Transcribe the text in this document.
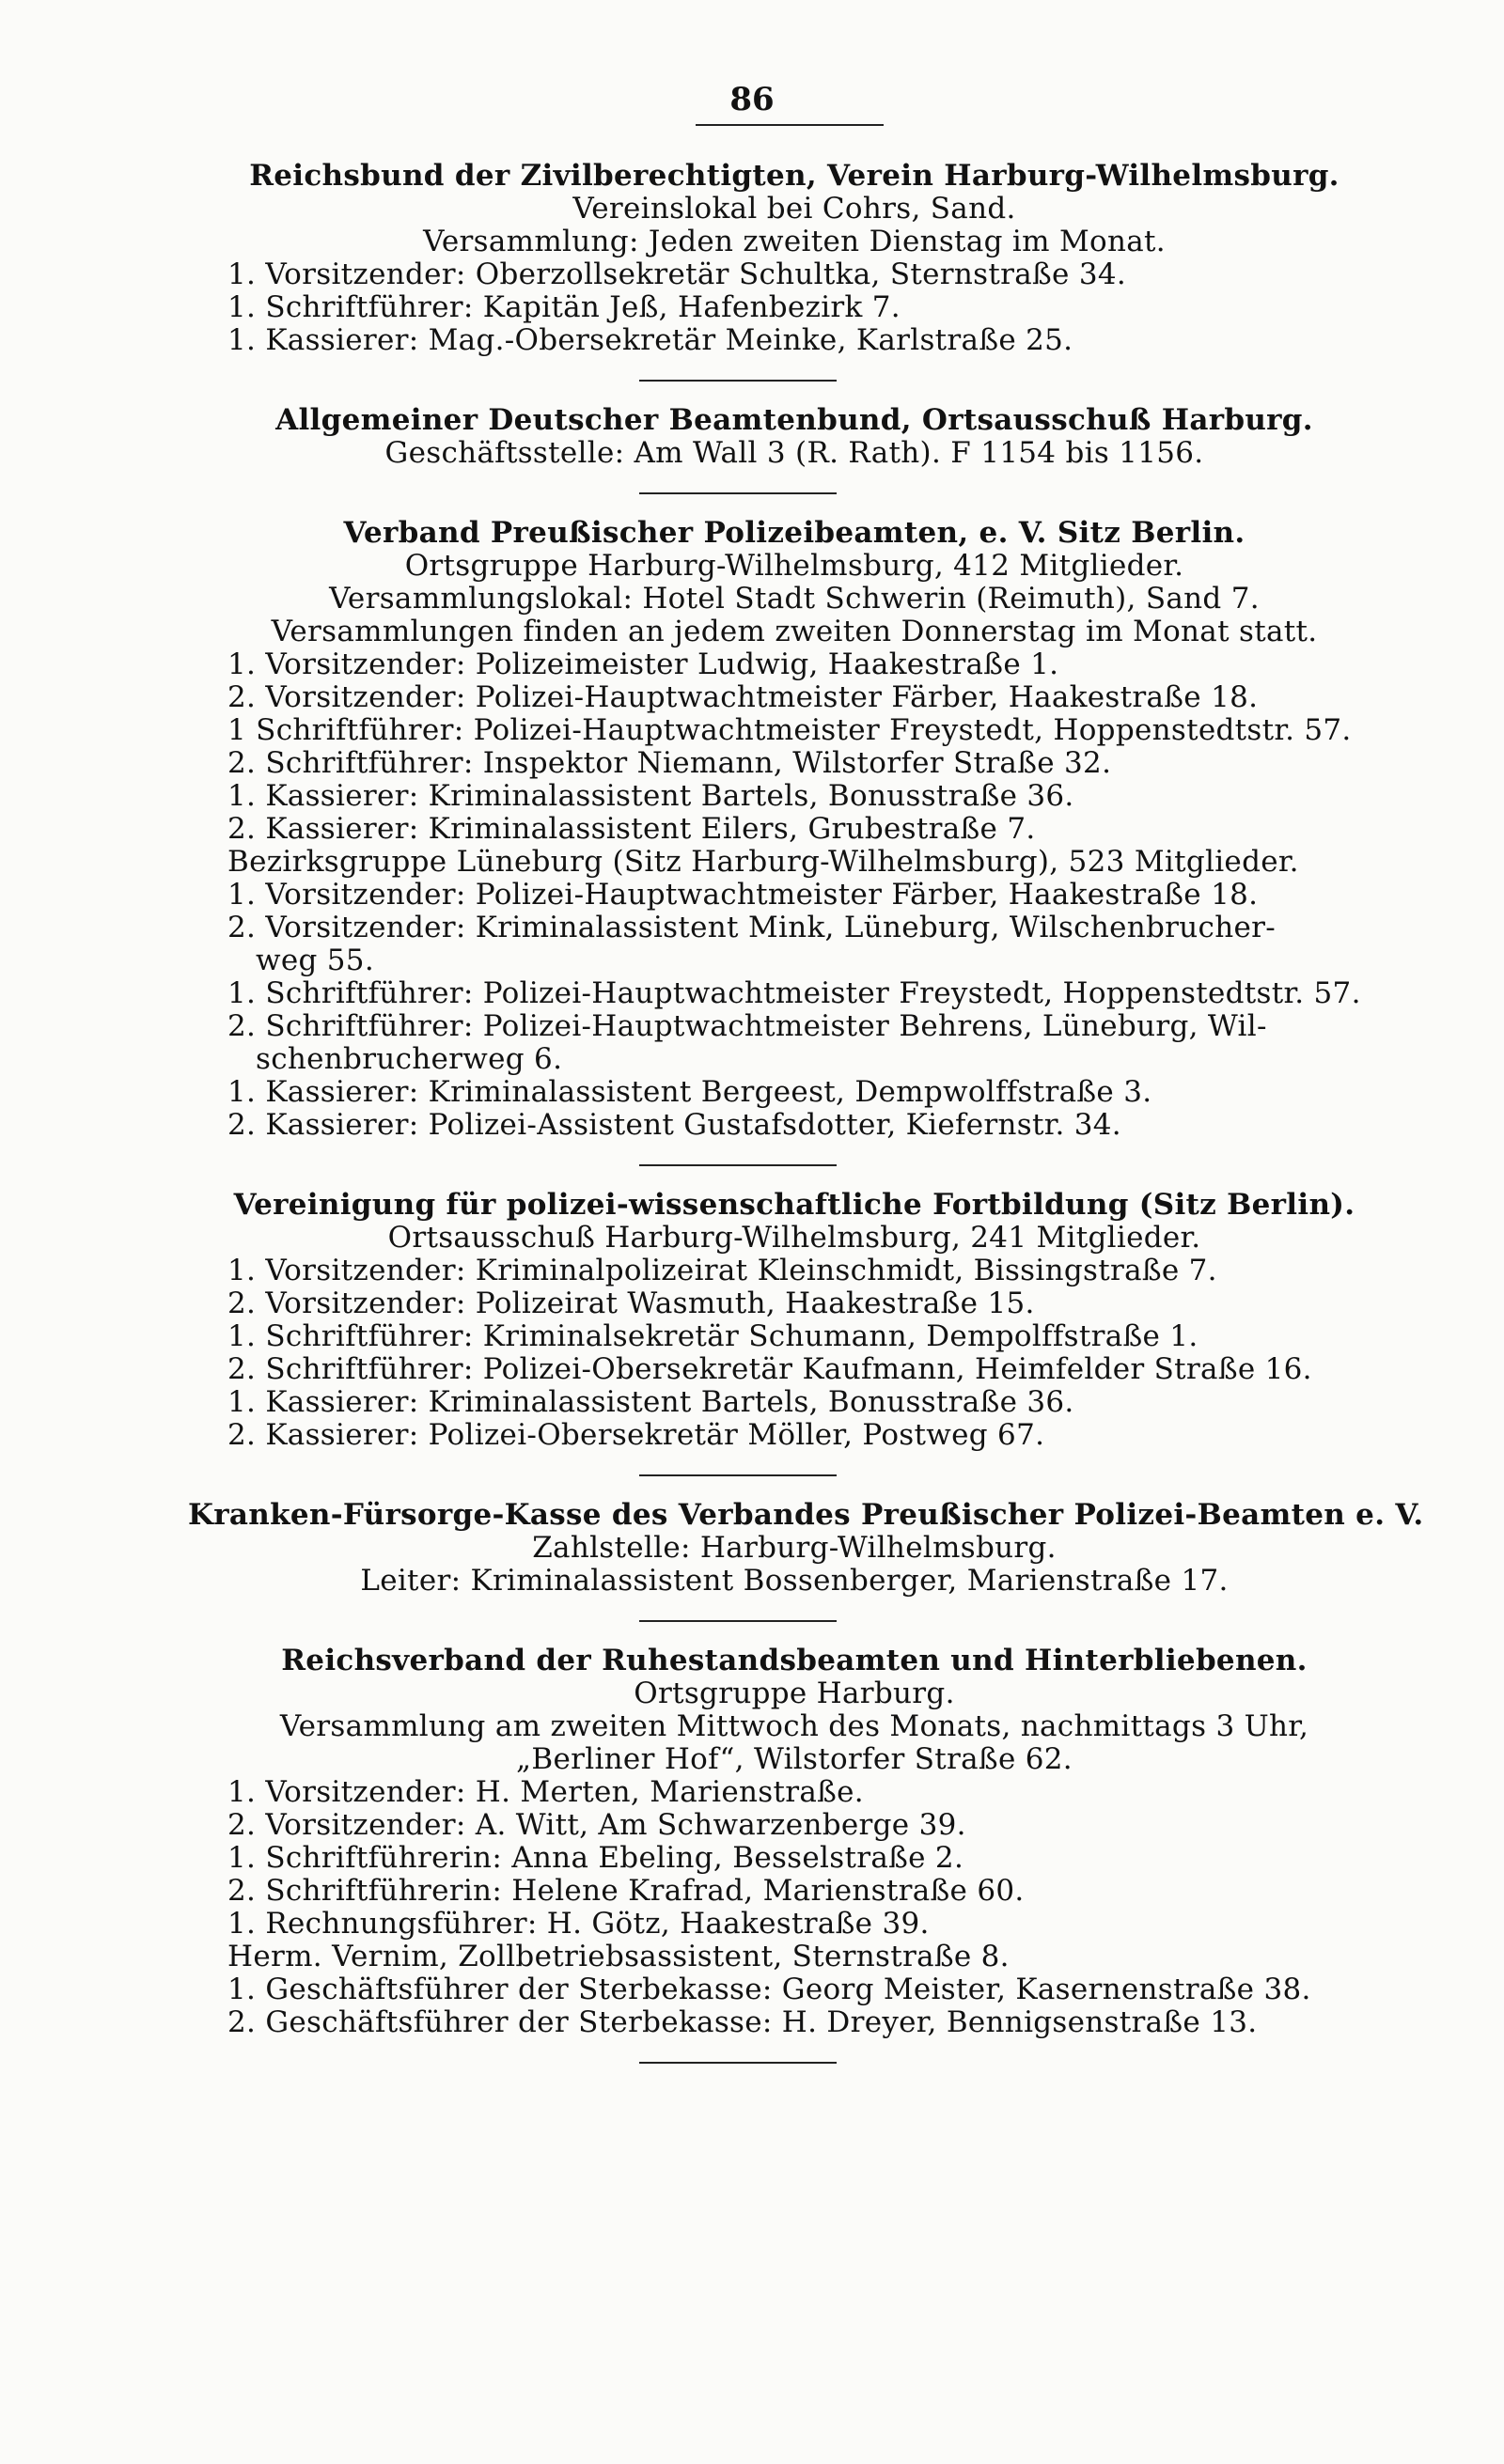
86
Reichsbund der Zivilberechtigten, Verein Harburg-Wilhelmsburg.
Vereinslokal bei Cohrs, Sand.
Versammlung: Jeden zweiten Dienstag im Monat.
1. Vorsitzender: Oberzollsekretär Schultka, Sternstraße 34.
1. Schriftführer: Kapitän Jeß, Hafenbezirk 7.
1. Kassierer: Mag.-Obersekretär Meinke, Karlstraße 25.
Allgemeiner Deutscher Beamtenbund, Ortsausschuß Harburg.
Geschäftsstelle: Am Wall 3 (R. Rath). F 1154 bis 1156.
Verband Preußischer Polizeibeamten, e. V. Sitz Berlin.
Ortsgruppe Harburg-Wilhelmsburg, 412 Mitglieder.
Versammlungslokal: Hotel Stadt Schwerin (Reimuth), Sand 7.
Versammlungen finden an jedem zweiten Donnerstag im Monat statt.
1. Vorsitzender: Polizeimeister Ludwig, Haakestraße 1.
2. Vorsitzender: Polizei-Hauptwachtmeister Färber, Haakestraße 18.
1 Schriftführer: Polizei-Hauptwachtmeister Freystedt, Hoppenstedtstr. 57.
2. Schriftführer: Inspektor Niemann, Wilstorfer Straße 32.
1. Kassierer: Kriminalassistent Bartels, Bonusstraße 36.
2. Kassierer: Kriminalassistent Eilers, Grubestraße 7.
Bezirksgruppe Lüneburg (Sitz Harburg-Wilhelmsburg), 523 Mitglieder.
1. Vorsitzender: Polizei-Hauptwachtmeister Färber, Haakestraße 18.
2. Vorsitzender: Kriminalassistent Mink, Lüneburg, Wilschenbrucher-
weg 55.
1. Schriftführer: Polizei-Hauptwachtmeister Freystedt, Hoppenstedtstr. 57.
2. Schriftführer: Polizei-Hauptwachtmeister Behrens, Lüneburg, Wil-
schenbrucherweg 6.
1. Kassierer: Kriminalassistent Bergeest, Dempwolffstraße 3.
2. Kassierer: Polizei-Assistent Gustafsdotter, Kiefernstr. 34.
Vereinigung für polizei-wissenschaftliche Fortbildung (Sitz Berlin).
Ortsausschuß Harburg-Wilhelmsburg, 241 Mitglieder.
1. Vorsitzender: Kriminalpolizeirat Kleinschmidt, Bissingstraße 7.
2. Vorsitzender: Polizeirat Wasmuth, Haakestraße 15.
1. Schriftführer: Kriminalsekretär Schumann, Dempolffstraße 1.
2. Schriftführer: Polizei-Obersekretär Kaufmann, Heimfelder Straße 16.
1. Kassierer: Kriminalassistent Bartels, Bonusstraße 36.
2. Kassierer: Polizei-Obersekretär Möller, Postweg 67.
Kranken-Fürsorge-Kasse des Verbandes Preußischer Polizei-Beamten e. V.
Zahlstelle: Harburg-Wilhelmsburg.
Leiter: Kriminalassistent Bossenberger, Marienstraße 17.
Reichsverband der Ruhestandsbeamten und Hinterbliebenen.
Ortsgruppe Harburg.
Versammlung am zweiten Mittwoch des Monats, nachmittags 3 Uhr,
„Berliner Hof“, Wilstorfer Straße 62.
1. Vorsitzender: H. Merten, Marienstraße.
2. Vorsitzender: A. Witt, Am Schwarzenberge 39.
1. Schriftführerin: Anna Ebeling, Besselstraße 2.
2. Schriftführerin: Helene Krafrad, Marienstraße 60.
1. Rechnungsführer: H. Götz, Haakestraße 39.
Herm. Vernim, Zollbetriebsassistent, Sternstraße 8.
1. Geschäftsführer der Sterbekasse: Georg Meister, Kasernenstraße 38.
2. Geschäftsführer der Sterbekasse: H. Dreyer, Bennigsenstraße 13.
